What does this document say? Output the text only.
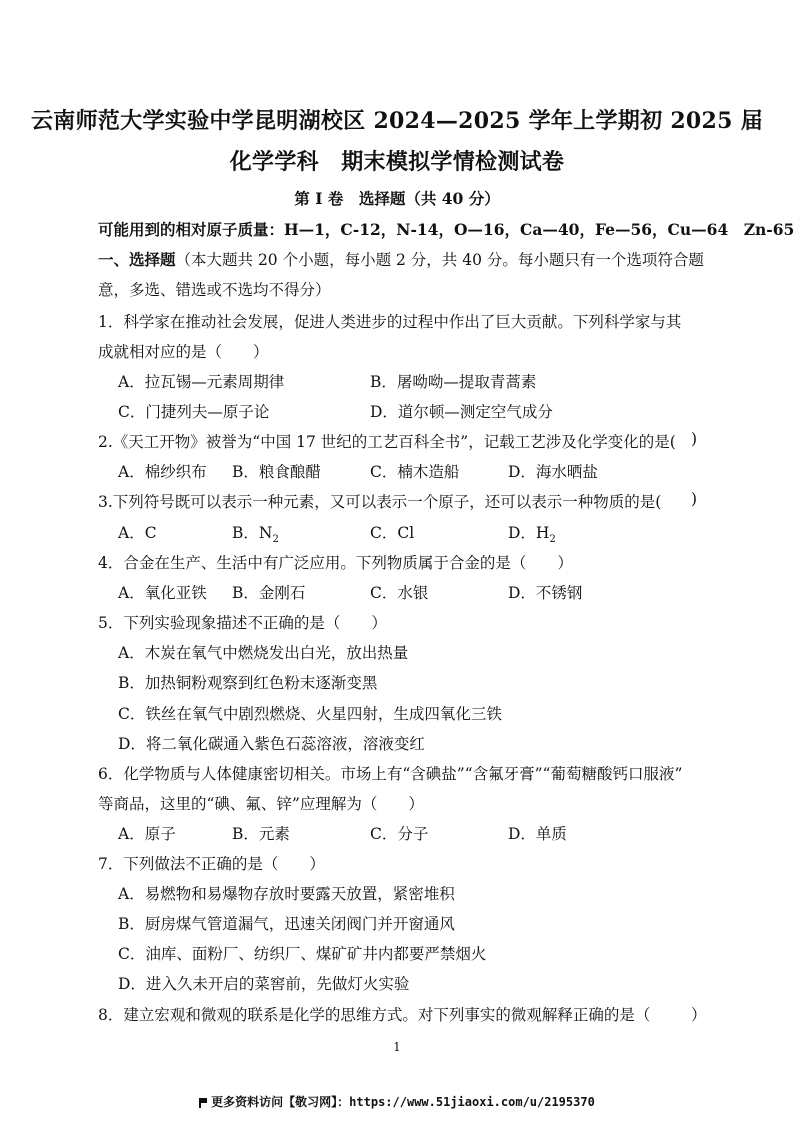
云南师范大学实验中学昆明湖校区 2024—2025 学年上学期初 2025 届
化学学科　期末模拟学情检测试卷
第 I 卷　选择题（共 40 分）
可能用到的相对原子质量：H—1，C-12，N-14，O—16，Ca—40，Fe—56，Cu—64　Zn-65
一、选择题（本大题共 20 个小题，每小题 2 分，共 40 分。每小题只有一个选项符合题
意，多选、错选或不选均不得分）
1．科学家在推动社会发展，促进人类进步的过程中作出了巨大贡献。下列科学家与其
成就相对应的是（　　）
A．拉瓦锡—元素周期律	B．屠呦呦—提取青蒿素
C．门捷列夫—原子论	D．道尔顿—测定空气成分
2.《天工开物》被誉为“中国 17 世纪的工艺百科全书”，记载工艺涉及化学变化的是( )
A．棉纱织布 B．粮食酿醋	C．楠木造船	D．海水晒盐
3.下列符号既可以表示一种元素，又可以表示一个原子，还可以表示一种物质的是( )
A．C	B．$N_2$	C．Cl	D．$H_2$
4．合金在生产、生活中有广泛应用。下列物质属于合金的是（　　）
A．氧化亚铁 B．金刚石	C．水银	D．不锈钢
5．下列实验现象描述不正确的是（　　）
A．木炭在氧气中燃烧发出白光，放出热量
B．加热铜粉观察到红色粉末逐渐变黑
C．铁丝在氧气中剧烈燃烧、火星四射，生成四氧化三铁
D．将二氧化碳通入紫色石蕊溶液，溶液变红
6．化学物质与人体健康密切相关。市场上有“含碘盐”“含氟牙膏”“葡萄糖酸钙口服液”
等商品，这里的“碘、氟、锌”应理解为（　　）
A．原子	B．元素	C．分子	D．单质
7．下列做法不正确的是（　　）
A．易燃物和易爆物存放时要露天放置，紧密堆积
B．厨房煤气管道漏气，迅速关闭阀门并开窗通风
C．油库、面粉厂、纺织厂、煤矿矿井内都要严禁烟火
D．进入久未开启的菜窖前，先做灯火实验
8．建立宏观和微观的联系是化学的思维方式。对下列事实的微观解释正确的是（	）
1
更多资料访问【敬习网】：https://www.51jiaoxi.com/u/2195370
